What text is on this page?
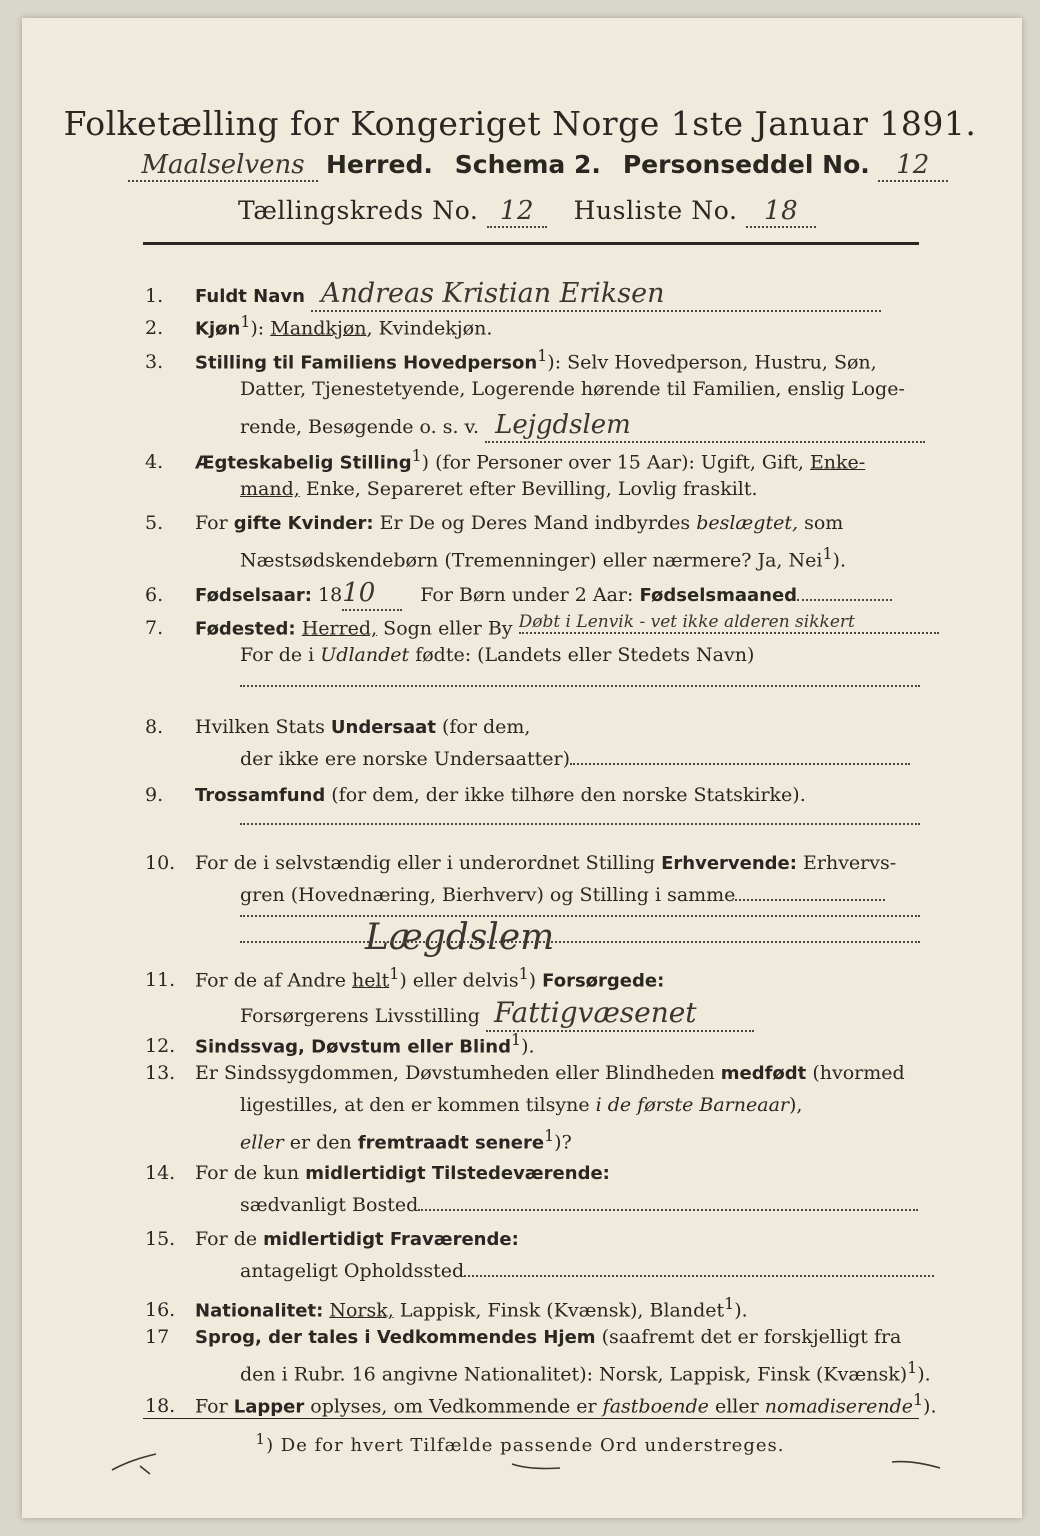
Folketælling for Kongeriget Norge 1ste Januar 1891.
Maalselvens Herred. Schema 2. Personseddel No. 12
Tællingskreds No. 12 Husliste No. 18
1. Fuldt Navn Andreas Kristian Eriksen
2. Kjøn$^1$): Mandkjøn, Kvindekjøn.
3. Stilling til Familiens Hovedperson$^1$): Selv Hovedperson, Hustru, Søn,
Datter, Tjenestetyende, Logerende hørende til Familien, enslig Loge-
rende, Besøgende o. s. v. Lejgdslem
4. Ægteskabelig Stilling$^1$) (for Personer over 15 Aar): Ugift, Gift, Enke-
mand, Enke, Separeret efter Bevilling, Lovlig fraskilt.
5. For gifte Kvinder: Er De og Deres Mand indbyrdes beslægtet, som
Næstsødskendebørn (Tremenninger) eller nærmere? Ja, Nei$^1$).
6. Fødselsaar: 1810 For Børn under 2 Aar: Fødselsmaaned
7. Fødested: Herred, Sogn eller By Døbt i Lenvik - vet ikke alderen sikkert
For de i Udlandet fødte: (Landets eller Stedets Navn)
8. Hvilken Stats Undersaat (for dem,
der ikke ere norske Undersaatter)
9. Trossamfund (for dem, der ikke tilhøre den norske Statskirke).
10. For de i selvstændig eller i underordnet Stilling Erhvervende: Erhvervs-
gren (Hovednæring, Bierhverv) og Stilling i samme
Lægdslem
11. For de af Andre helt$^1$) eller delvis$^1$) Forsørgede:
Forsørgerens Livsstilling Fattigvæsenet
12. Sindssvag, Døvstum eller Blind$^1$).
13. Er Sindssygdommen, Døvstumheden eller Blindheden medfødt (hvormed
ligestilles, at den er kommen tilsyne i de første Barneaar),
eller er den fremtraadt senere$^1$)?
14. For de kun midlertidigt Tilstedeværende:
sædvanligt Bosted
15. For de midlertidigt Fraværende:
antageligt Opholdssted
16. Nationalitet: Norsk, Lappisk, Finsk (Kvænsk), Blandet$^1$).
17 Sprog, der tales i Vedkommendes Hjem (saafremt det er forskjelligt fra
den i Rubr. 16 angivne Nationalitet): Norsk, Lappisk, Finsk (Kvænsk)$^1$).
18. For Lapper oplyses, om Vedkommende er fastboende eller nomadiserende$^1$).
$^1$) De for hvert Tilfælde passende Ord understreges.
